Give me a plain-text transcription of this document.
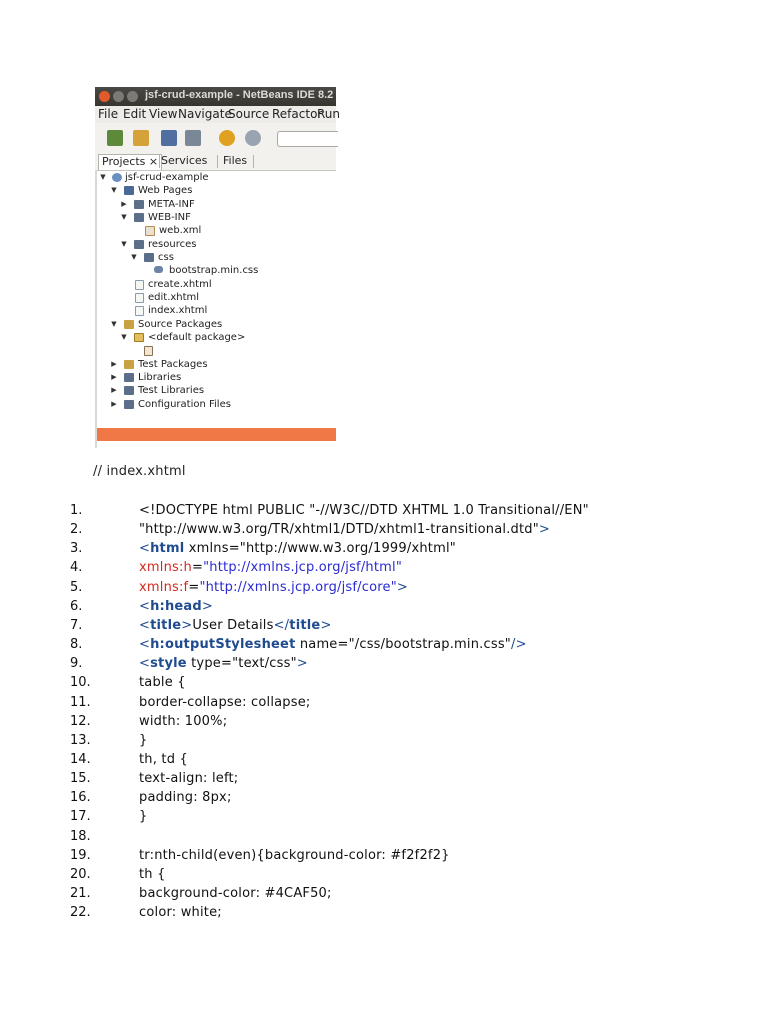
jsf-crud-example - NetBeans IDE 8.2
File Edit View Navigate
Source Refactor
Run
Projects × Services Files
▼ jsf-crud-example
▼ Web Pages
▶ META-INF
▼ WEB-INF
web.xml
▼ resources
▼ css
bootstrap.min.css
create.xhtml
edit.xhtml
index.xhtml
▼ Source Packages
▼ <default package>
User.java
▶ Test Packages
▶ Libraries
▶ Test Libraries
▶ Configuration Files
// index.xhtml
1.	<!DOCTYPE html PUBLIC "-//W3C//DTD XHTML 1.0 Transitional//EN"
2.	"http://www.w3.org/TR/xhtml1/DTD/xhtml1-transitional.dtd">
3.	<html xmlns="http://www.w3.org/1999/xhtml"
4.	xmlns:h="http://xmlns.jcp.org/jsf/html"
5.	xmlns:f="http://xmlns.jcp.org/jsf/core">
6.	<h:head>
7.	<title>User Details</title>
8.	<h:outputStylesheet name="/css/bootstrap.min.css"/>
9.	<style type="text/css">
10.	table {
11.	border-collapse: collapse;
12.	width: 100%;
13.	}
14.	th, td {
15.	text-align: left;
16.	padding: 8px;
17.	}
18.
19.	tr:nth-child(even){background-color: #f2f2f2}
20.	th {
21.	background-color: #4CAF50;
22.	color: white;
